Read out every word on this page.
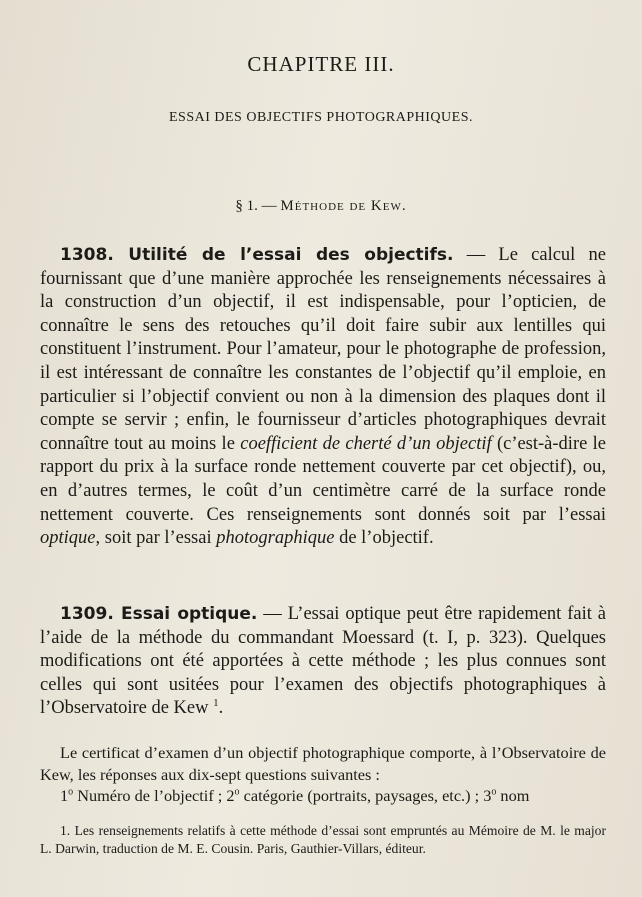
CHAPITRE III.
ESSAI DES OBJECTIFS PHOTOGRAPHIQUES.
§ 1. — Méthode de Kew.

1308. Utilité de l’essai des objectifs. — Le calcul ne fournissant que d’une manière approchée les renseignements nécessaires à la construction d’un objectif, il est indispensable, pour l’opticien, de connaître le sens des retouches qu’il doit faire subir aux lentilles qui constituent l’instrument. Pour l’amateur, pour le photographe de profession, il est intéressant de connaître les constantes de l’objectif qu’il emploie, en particulier si l’objectif convient ou non à la dimension des plaques dont il compte se servir ; enfin, le fournisseur d’articles photographiques devrait connaître tout au moins le coefficient de cherté d’un objectif (c’est-à-dire le rapport du prix à la surface ronde nettement couverte par cet objectif), ou, en d’autres termes, le coût d’un centimètre carré de la surface ronde nettement couverte. Ces renseignements sont donnés soit par l’essai optique, soit par l’essai photographique de l’objectif.

1309. Essai optique. — L’essai optique peut être rapidement fait à l’aide de la méthode du commandant Moessard (t. I, p. 323). Quelques modifications ont été apportées à cette méthode ; les plus connues sont celles qui sont usitées pour l’examen des objectifs photographiques à l’Observatoire de Kew $^1$.

Le certificat d’examen d’un objectif photographique comporte, à l’Observatoire de Kew, les réponses aux dix-sept questions suivantes :
1$^o$ Numéro de l’objectif ; 2$^o$ catégorie (portraits, paysages, etc.) ; 3$^o$ nom

1. Les renseignements relatifs à cette méthode d’essai sont empruntés au Mémoire de M. le major L. Darwin, traduction de M. E. Cousin. Paris, Gauthier-Villars, éditeur.
